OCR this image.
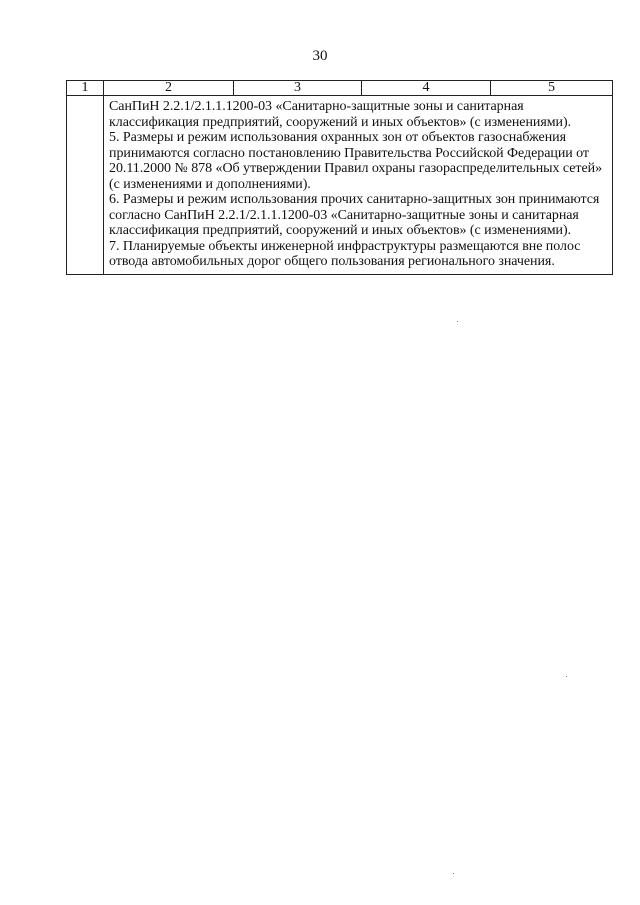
30
1	2	3	4	5

	СанПиН 2.2.1/2.1.1.1200-03 «Санитарно-защитные зоны и санитарная классификация предприятий, сооружений и иных объектов» (с изменениями).

5. Размеры и режим использования охранных зон от объектов газоснабжения принимаются согласно постановлению Правительства Российской Федерации от 20.11.2000 № 878 «Об утверждении Правил охраны газораспределительных сетей» (с изменениями и дополнениями).

6. Размеры и режим использования прочих санитарно-защитных зон принимаются согласно СанПиН 2.2.1/2.1.1.1200-03 «Санитарно-защитные зоны и санитарная классификация предприятий, сооружений и иных объектов» (с изменениями).

7. Планируемые объекты инженерной инфраструктуры размещаются вне полос отвода автомобильных дорог общего пользования регионального значения.			
